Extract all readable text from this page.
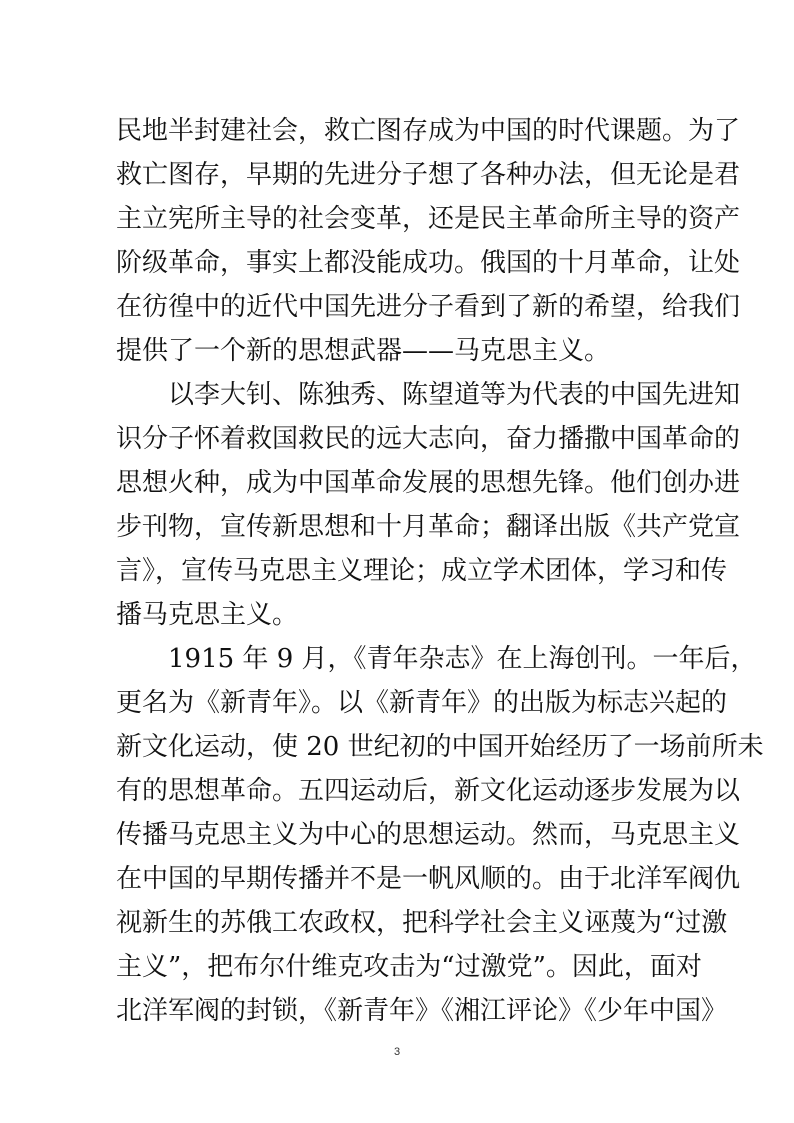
民地半封建社会，救亡图存成为中国的时代课题。为了
救亡图存，早期的先进分子想了各种办法，但无论是君
主立宪所主导的社会变革，还是民主革命所主导的资产
阶级革命，事实上都没能成功。俄国的十月革命，让处
在彷徨中的近代中国先进分子看到了新的希望，给我们
提供了一个新的思想武器——马克思主义。
以李大钊、陈独秀、陈望道等为代表的中国先进知
识分子怀着救国救民的远大志向，奋力播撒中国革命的
思想火种，成为中国革命发展的思想先锋。他们创办进
步刊物，宣传新思想和十月革命；翻译出版《共产党宣
言》，宣传马克思主义理论；成立学术团体，学习和传
播马克思主义。
1915 年 9 月，《青年杂志》在上海创刊。一年后，
更名为《新青年》。以《新青年》的出版为标志兴起的
新文化运动，使 20 世纪初的中国开始经历了一场前所未
有的思想革命。五四运动后，新文化运动逐步发展为以
传播马克思主义为中心的思想运动。然而，马克思主义
在中国的早期传播并不是一帆风顺的。由于北洋军阀仇
视新生的苏俄工农政权，把科学社会主义诬蔑为“过激
主义”，把布尔什维克攻击为“过激党”。因此，面对
北洋军阀的封锁，《新青年》《湘江评论》《少年中国》
3
